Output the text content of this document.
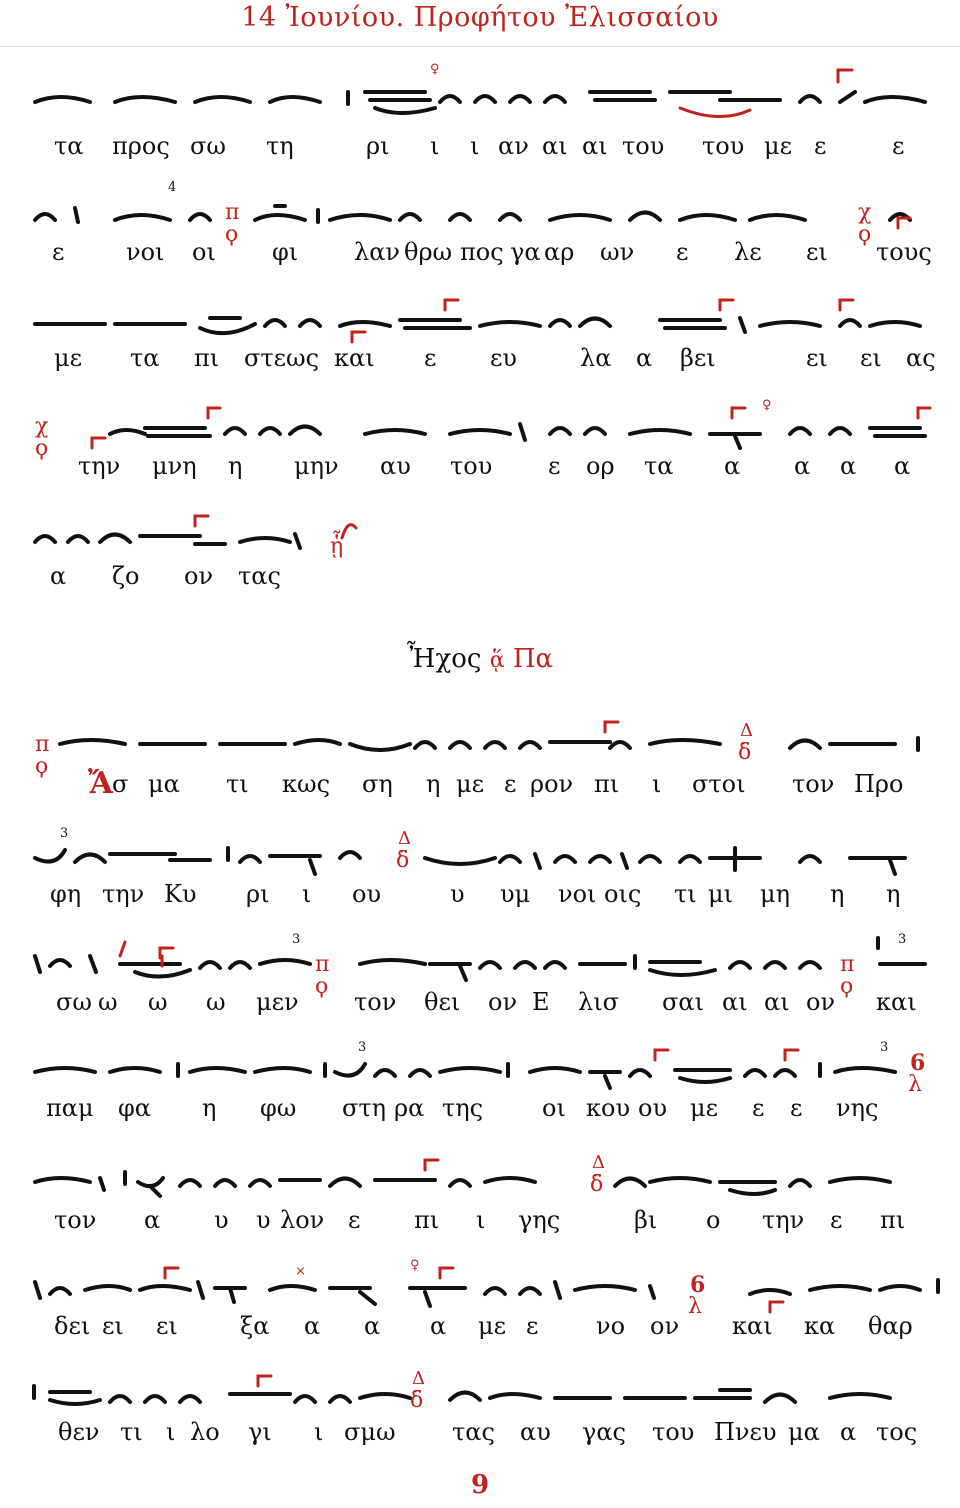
14 Ἰουνίου. Προφήτου Ἐλισσαίου
♀
τα προς σω τη	ρι ι ι αν αι αι του του με ε	ε
4
π
ϙ
χ
ϙ
ε	νοι οι φι λαν θρω πος γα αρ ων ε λε ει τους
με τα πι στε ως και ε ευ	λα α βει	ει ει ας
χ
ϙ
♀
την μνη η μην αυ του ε ορ τα α α α α
ᾗ
α ζο ον τας
Ἦχος ᾅ Πα
π
ϙ
δ̈
Δ
Ἄ σ μα τι κως ση η με ε ρον πι ι στοι τον Προ
3
δ̈
Δ
φη την Κυ ρι ι ου	υ υμ νοι οις τι μι μη η η
π
ϙ
3
π
ϙ
3
σω ω ω ω μεν τον θει ον Ε λισ σαι αι αι ον και
3	3
6
λ
παμ φα η φω στη ρα της οι κου ου με ε ε νης
δ̈
Δ
τον α υ υ λον ε πι ι γης	βι ο την ε πι
×	♀
6
λ
δει ει ει	ξα α α α με ε νο ον και κα θαρ
δ̈
Δ
θεν τι ι λο γι ι σμω τας αυ γας του Πνευ μα α τος
9
